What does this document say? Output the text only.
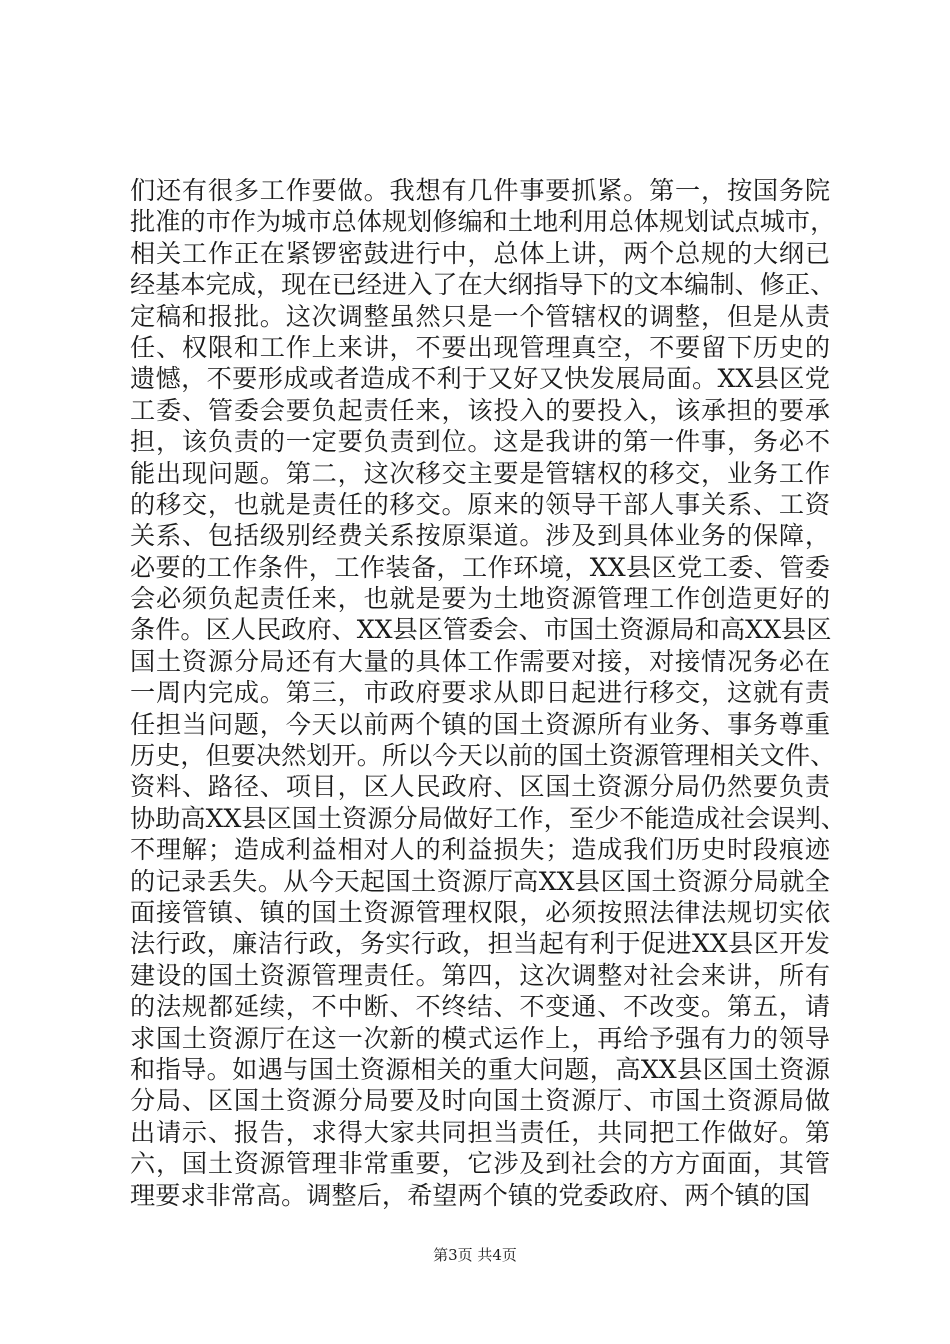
们还有很多工作要做。我想有几件事要抓紧。第一，按国务院
批准的市作为城市总体规划修编和土地利用总体规划试点城市，
相关工作正在紧锣密鼓进行中，总体上讲，两个总规的大纲已
经基本完成，现在已经进入了在大纲指导下的文本编制、修正、
定稿和报批。这次调整虽然只是一个管辖权的调整，但是从责
任、权限和工作上来讲，不要出现管理真空，不要留下历史的
遗憾，不要形成或者造成不利于又好又快发展局面。XX县区党
工委、管委会要负起责任来，该投入的要投入，该承担的要承
担，该负责的一定要负责到位。这是我讲的第一件事，务必不
能出现问题。第二，这次移交主要是管辖权的移交，业务工作
的移交，也就是责任的移交。原来的领导干部人事关系、工资
关系、包括级别经费关系按原渠道。涉及到具体业务的保障，
必要的工作条件，工作装备，工作环境，XX县区党工委、管委
会必须负起责任来，也就是要为土地资源管理工作创造更好的
条件。区人民政府、XX县区管委会、市国土资源局和高XX县区
国土资源分局还有大量的具体工作需要对接，对接情况务必在
一周内完成。第三，市政府要求从即日起进行移交，这就有责
任担当问题，今天以前两个镇的国土资源所有业务、事务尊重
历史，但要决然划开。所以今天以前的国土资源管理相关文件、
资料、路径、项目，区人民政府、区国土资源分局仍然要负责
协助高XX县区国土资源分局做好工作，至少不能造成社会误判、
不理解；造成利益相对人的利益损失；造成我们历史时段痕迹
的记录丢失。从今天起国土资源厅高XX县区国土资源分局就全
面接管镇、镇的国土资源管理权限，必须按照法律法规切实依
法行政，廉洁行政，务实行政，担当起有利于促进XX县区开发
建设的国土资源管理责任。第四，这次调整对社会来讲，所有
的法规都延续，不中断、不终结、不变通、不改变。第五，请
求国土资源厅在这一次新的模式运作上，再给予强有力的领导
和指导。如遇与国土资源相关的重大问题，高XX县区国土资源
分局、区国土资源分局要及时向国土资源厅、市国土资源局做
出请示、报告，求得大家共同担当责任，共同把工作做好。第
六，国土资源管理非常重要，它涉及到社会的方方面面，其管
理要求非常高。调整后，希望两个镇的党委政府、两个镇的国
第3页 共4页
